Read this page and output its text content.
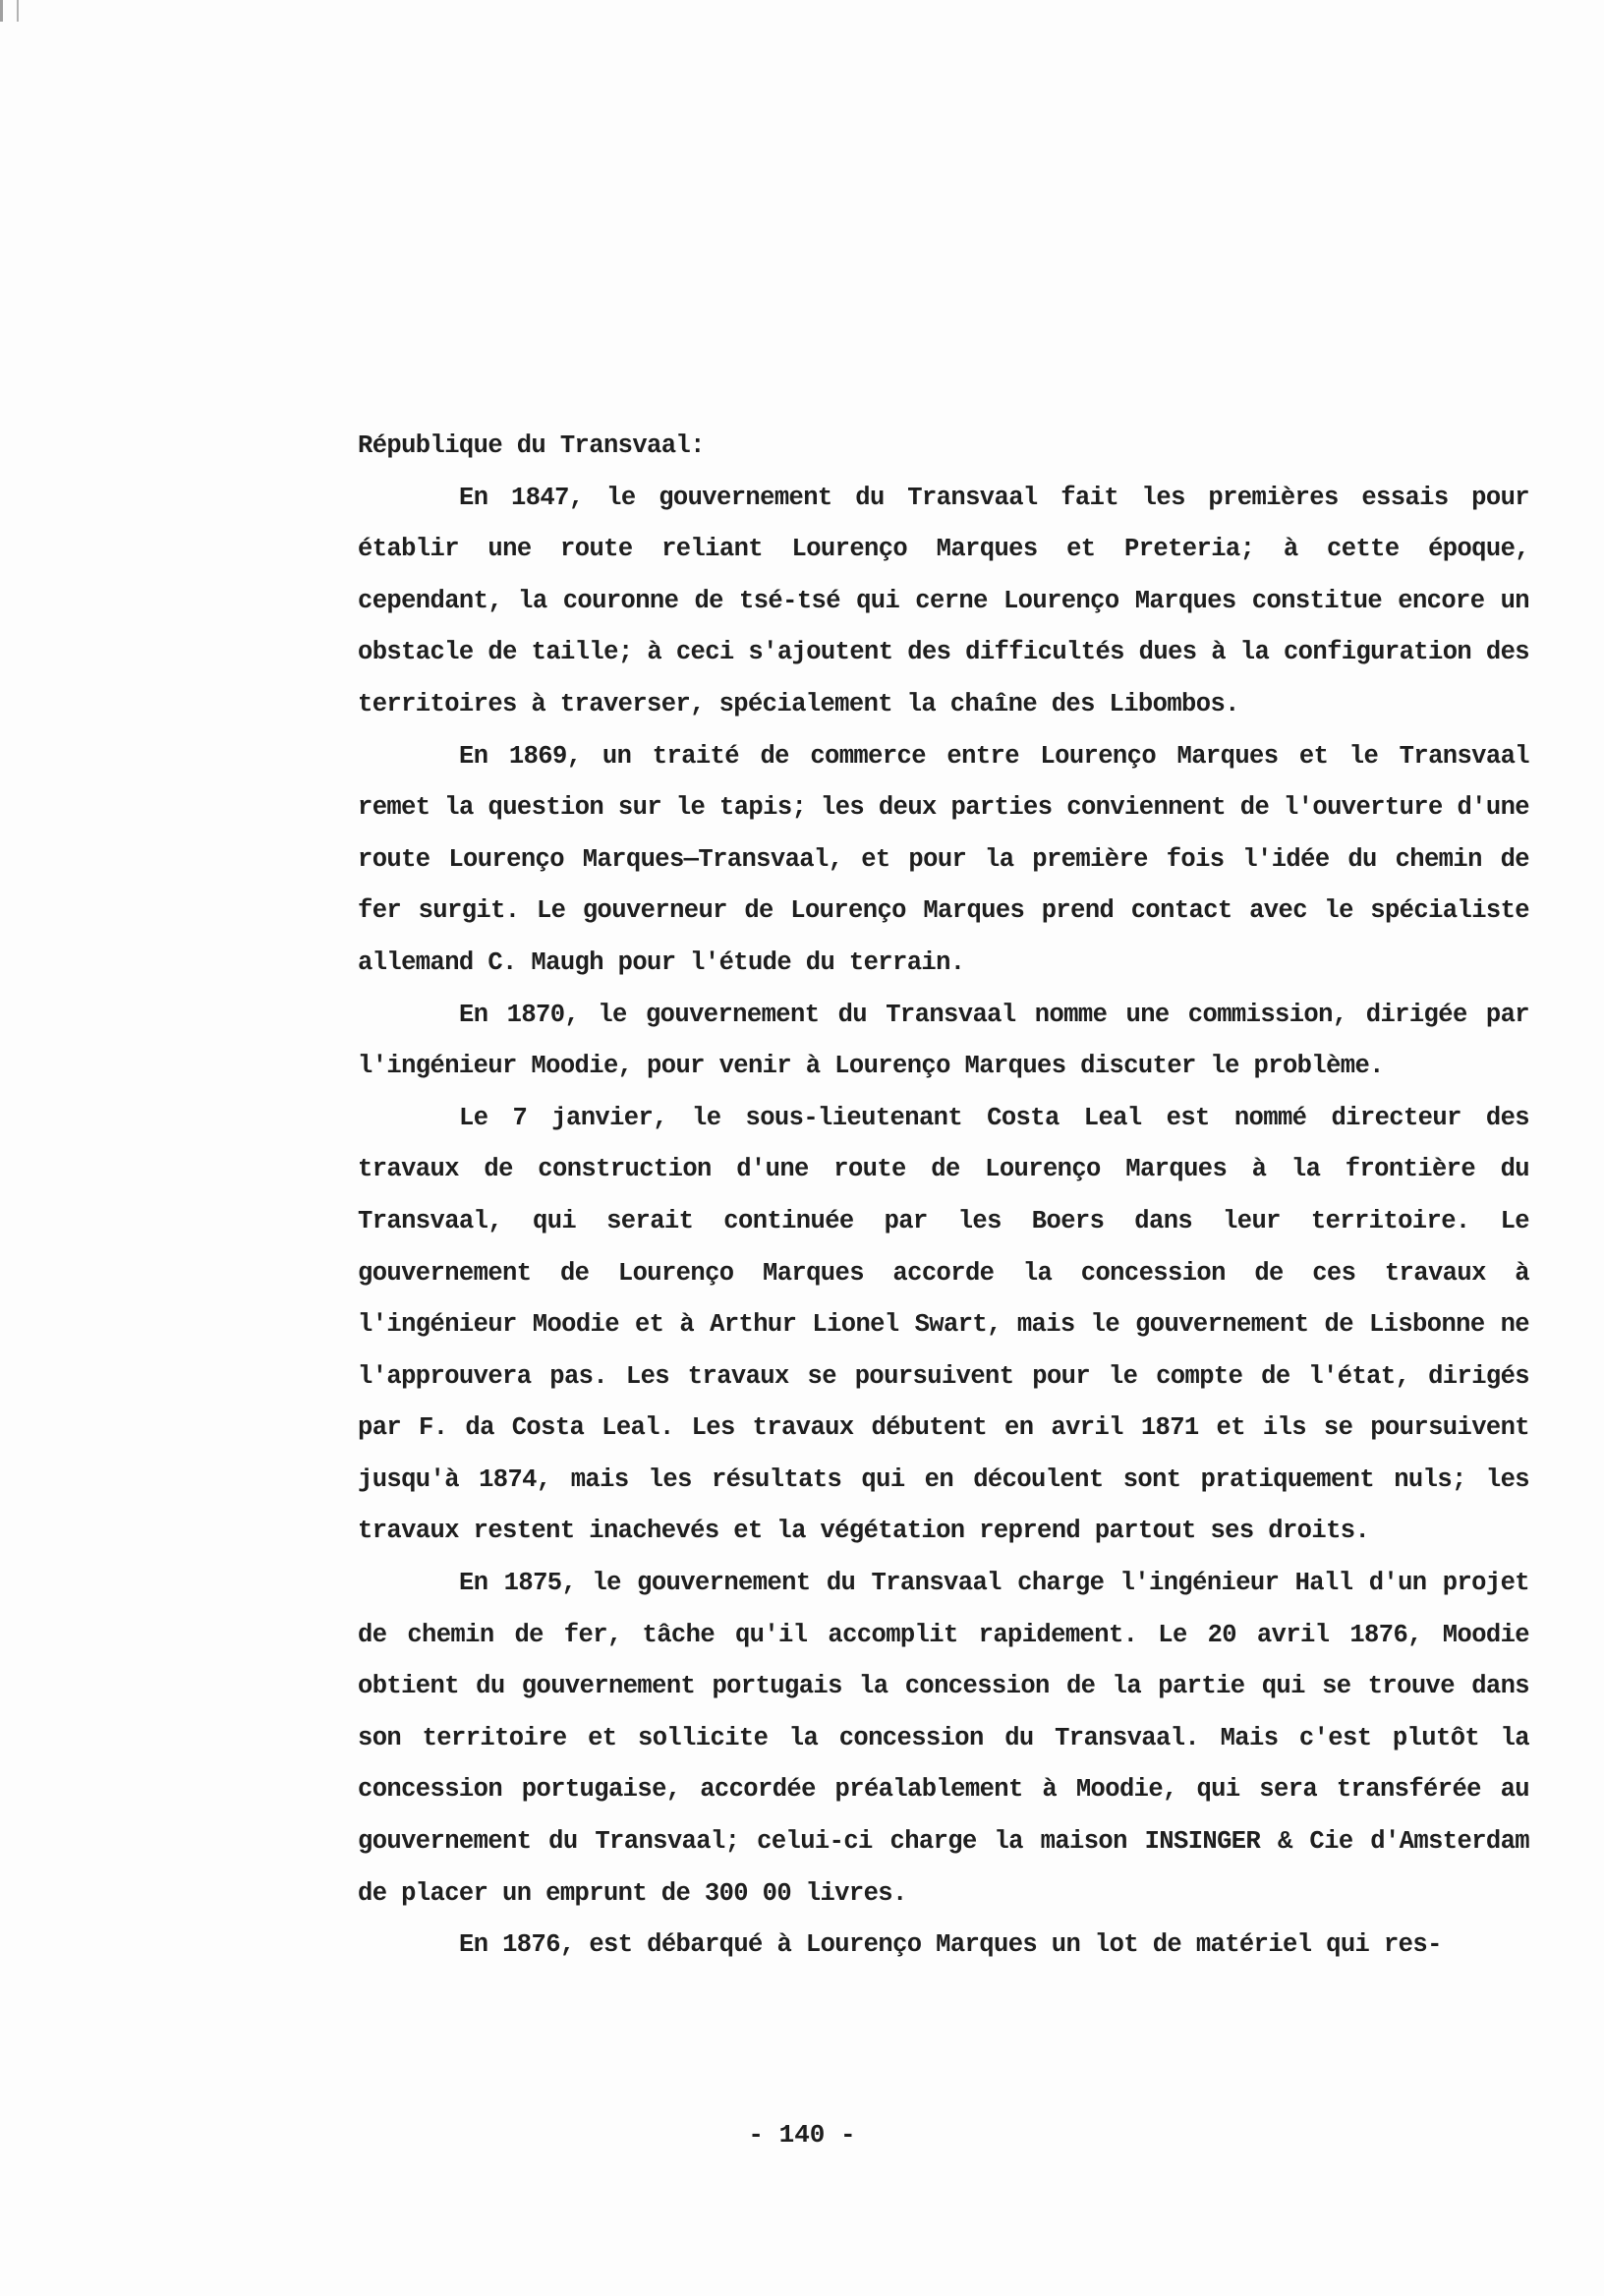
République du Transvaal:

En 1847, le gouvernement du Transvaal fait les premières essais pour établir une route reliant Lourenço Marques et Preteria; à cette époque, cependant, la couronne de tsé-tsé qui cerne Lourenço Marques constitue encore un obstacle de taille; à ceci s'ajoutent des difficultés dues à la configuration des territoires à traverser, spécialement la chaîne des Libombos.

En 1869, un traité de commerce entre Lourenço Marques et le Transvaal remet la question sur le tapis; les deux parties conviennent de l'ouverture d'une route Lourenço Marques—Transvaal, et pour la première fois l'idée du chemin de fer surgit. Le gouverneur de Lourenço Marques prend contact avec le spécialiste allemand C. Maugh pour l'étude du terrain.

En 1870, le gouvernement du Transvaal nomme une commission, dirigée par l'ingénieur Moodie, pour venir à Lourenço Marques discuter le problème.

Le 7 janvier, le sous-lieutenant Costa Leal est nommé directeur des travaux de construction d'une route de Lourenço Marques à la frontière du Transvaal, qui serait continuée par les Boers dans leur territoire. Le gouvernement de Lourenço Marques accorde la concession de ces travaux à l'ingénieur Moodie et à Arthur Lionel Swart, mais le gouvernement de Lisbonne ne l'approuvera pas. Les travaux se poursuivent pour le compte de l'état, dirigés par F. da Costa Leal. Les travaux débutent en avril 1871 et ils se poursuivent jusqu'à 1874, mais les résultats qui en découlent sont pratiquement nuls; les travaux restent inachevés et la végétation reprend partout ses droits.

En 1875, le gouvernement du Transvaal charge l'ingénieur Hall d'un projet de chemin de fer, tâche qu'il accomplit rapidement. Le 20 avril 1876, Moodie obtient du gouvernement portugais la concession de la partie qui se trouve dans son territoire et sollicite la concession du Transvaal. Mais c'est plutôt la concession portugaise, accordée préalablement à Moodie, qui sera transférée au gouvernement du Transvaal; celui-ci charge la maison INSINGER & Cie d'Amsterdam de placer un emprunt de 300 00 livres.

En 1876, est débarqué à Lourenço Marques un lot de matériel qui res-

- 140 -
